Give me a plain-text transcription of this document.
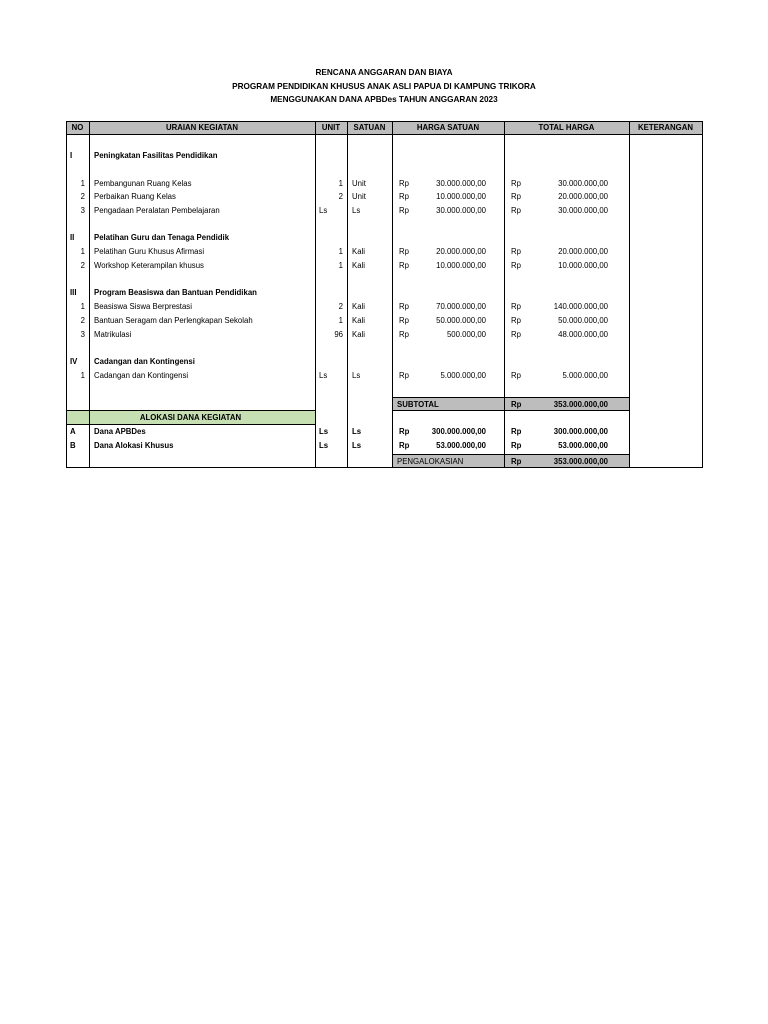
RENCANA ANGGARAN DAN BIAYA
PROGRAM PENDIDIKAN KHUSUS ANAK ASLI PAPUA DI KAMPUNG TRIKORA
MENGGUNAKAN DANA APBDes TAHUN ANGGARAN 2023
NO	URAIAN KEGIATAN	UNIT	SATUAN	HARGA SATUAN	TOTAL HARGA	KETERANGAN
I	Peningkatan Fasilitas Pendidikan
1 Pembangunan Ruang Kelas	1 Unit	Rp	30.000.000,00	Rp	30.000.000,00
2 Perbaikan Ruang Kelas	2 Unit	Rp	10.000.000,00	Rp	20.000.000,00
3 Pengadaan Peralatan Pembelajaran	Ls	Ls	Rp	30.000.000,00	Rp	30.000.000,00
II	Pelatihan Guru dan Tenaga Pendidik
1 Pelatihan Guru Khusus Afirmasi	1 Kali	Rp	20.000.000,00	Rp	20.000.000,00
2 Workshop Keterampilan khusus	1 Kali	Rp	10.000.000,00	Rp	10.000.000,00
III Program Beasiswa dan Bantuan Pendidikan
1 Beasiswa Siswa Berprestasi	2 Kali	Rp	70.000.000,00	Rp	140.000.000,00
2 Bantuan Seragam dan Perlengkapan Sekolah	1 Kali	Rp	50.000.000,00	Rp	50.000.000,00
3 Matrikulasi	96 Kali	Rp	500.000,00	Rp	48.000.000,00
IV Cadangan dan Kontingensi
1 Cadangan dan Kontingensi	Ls	Ls	Rp	5.000.000,00	Rp	5.000.000,00
SUBTOTAL	Rp	353.000.000,00
ALOKASI DANA KEGIATAN
A Dana APBDes	Ls	Ls	Rp	300.000.000,00	Rp	300.000.000,00
B Dana Alokasi Khusus	Ls	Ls	Rp	53.000.000,00	Rp	53.000.000,00
PENGALOKASIAN	Rp	353.000.000,00
